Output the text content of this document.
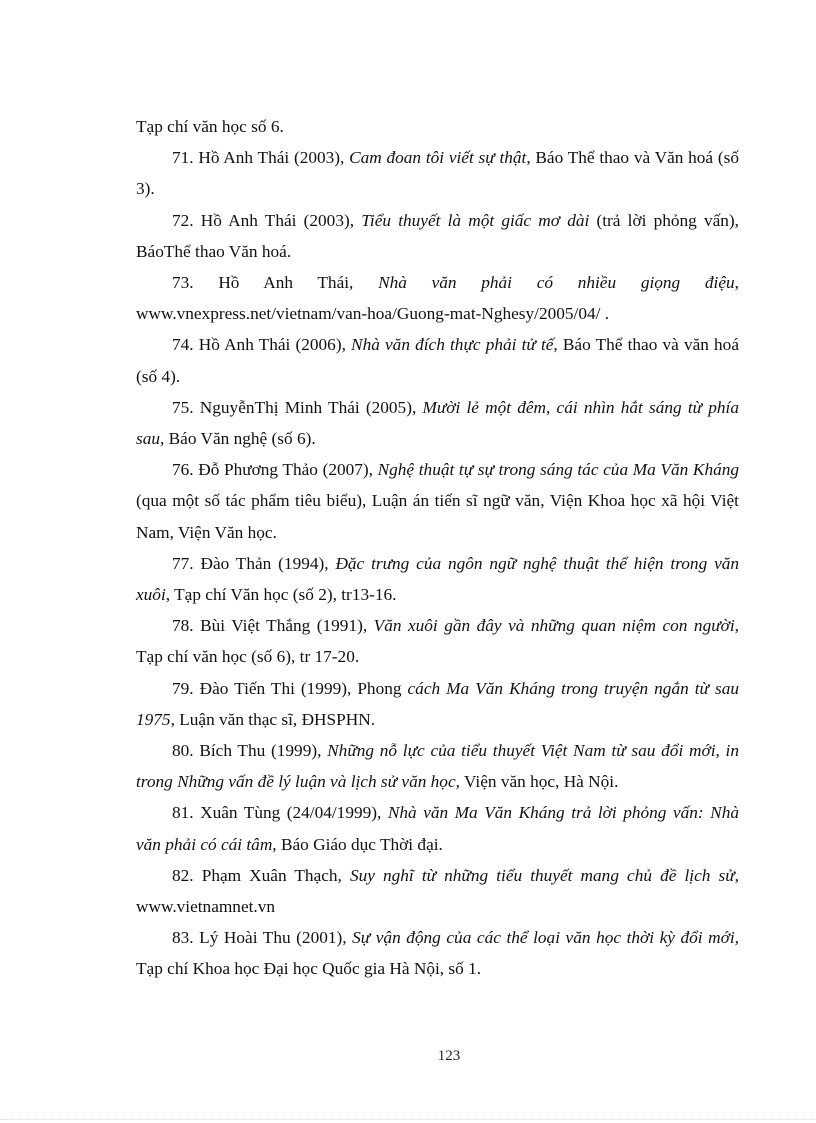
Tạp chí văn học số 6.

71. Hồ Anh Thái (2003), Cam đoan tôi viết sự thật, Báo Thể thao và Văn hoá (số 3).

72. Hồ Anh Thái (2003), Tiểu thuyết là một giấc mơ dài (trả lời phỏng vấn), BáoThể thao Văn hoá.

73. Hồ Anh Thái, Nhà văn phải có nhiều giọng điệu, www.vnexpress.net/vietnam/van-hoa/Guong-mat-Nghesy/2005/04/ .

74. Hồ Anh Thái (2006), Nhà văn đích thực phải tử tế, Báo Thể thao và văn hoá (số 4).

75. NguyễnThị Minh Thái (2005), Mười lẻ một đêm, cái nhìn hắt sáng từ phía sau, Báo Văn nghệ (số 6).

76. Đỗ Phương Thảo (2007), Nghệ thuật tự sự trong sáng tác của Ma Văn Kháng (qua một số tác phẩm tiêu biểu), Luận án tiến sĩ ngữ văn, Viện Khoa học xã hội Việt Nam, Viện Văn học.

77. Đào Thản (1994), Đặc trưng của ngôn ngữ nghệ thuật thể hiện trong văn xuôi, Tạp chí Văn học (số 2), tr13-16.

78. Bùi Việt Thắng (1991), Văn xuôi gần đây và những quan niệm con người, Tạp chí văn học (số 6), tr 17-20.

79. Đào Tiến Thi (1999), Phong cách Ma Văn Kháng trong truyện ngắn từ sau 1975, Luận văn thạc sĩ, ĐHSPHN.

80. Bích Thu (1999), Những nỗ lực của tiểu thuyết Việt Nam từ sau đổi mới, in trong Những vấn đề lý luận và lịch sử văn học, Viện văn học, Hà Nội.

81. Xuân Tùng (24/04/1999), Nhà văn Ma Văn Kháng trả lời phỏng vấn: Nhà văn phải có cái tâm, Báo Giáo dục Thời đại.

82. Phạm Xuân Thạch, Suy nghĩ từ những tiểu thuyết mang chủ đề lịch sử, www.vietnamnet.vn

83. Lý Hoài Thu (2001), Sự vận động của các thể loại văn học thời kỳ đổi mới, Tạp chí Khoa học Đại học Quốc gia Hà Nội, số 1.

123
